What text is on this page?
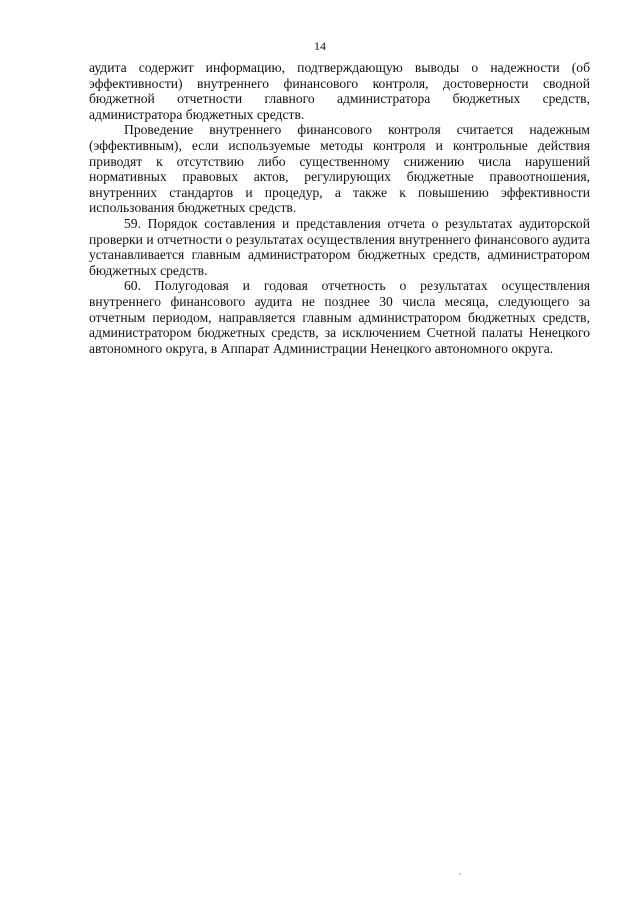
14

аудита содержит информацию, подтверждающую выводы о надежности (об эффективности) внутреннего финансового контроля, достоверности сводной бюджетной отчетности главного администратора бюджетных средств, администратора бюджетных средств.

Проведение внутреннего финансового контроля считается надежным (эффективным), если используемые методы контроля и контрольные действия приводят к отсутствию либо существенному снижению числа нарушений нормативных правовых актов, регулирующих бюджетные правоотношения, внутренних стандартов и процедур, а также к повышению эффективности использования бюджетных средств.

59. Порядок составления и представления отчета о результатах аудиторской проверки и отчетности о результатах осуществления внутреннего финансового аудита устанавливается главным администратором бюджетных средств, администратором бюджетных средств.

60. Полугодовая и годовая отчетность о результатах осуществления внутреннего финансового аудита не позднее 30 числа месяца, следующего за отчетным периодом, направляется главным администратором бюджетных средств, администратором бюджетных средств, за исключением Счетной палаты Ненецкого автономного округа, в Аппарат Администрации Ненецкого автономного округа.
